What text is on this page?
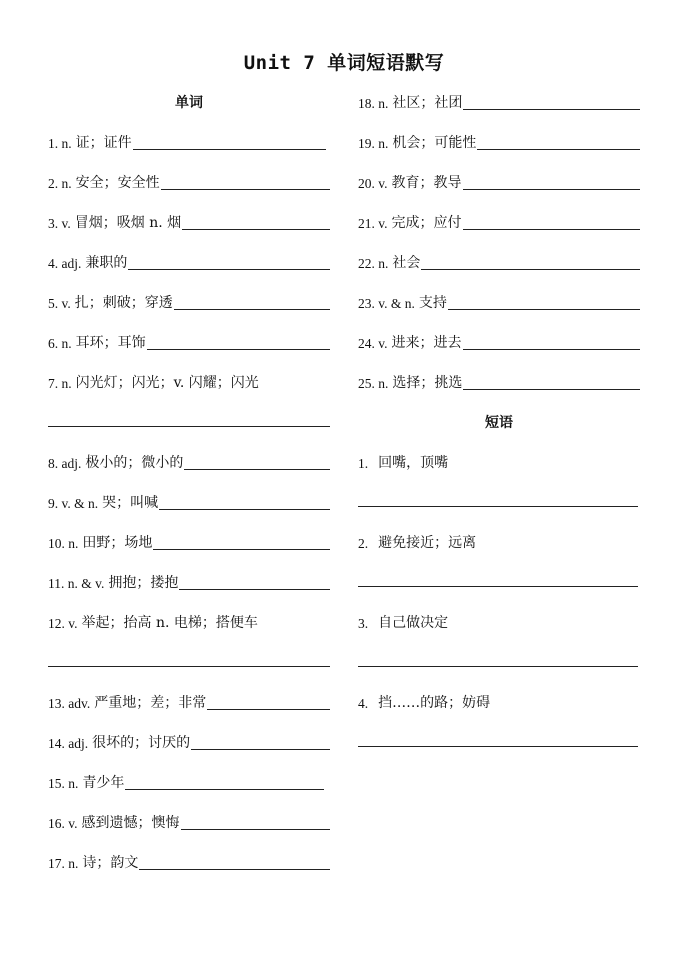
Unit 7 单词短语默写
单词
1. n. 证；证件
2. n. 安全；安全性
3. v. 冒烟；吸烟 n. 烟
4. adj. 兼职的
5. v. 扎；刺破；穿透
6. n. 耳环；耳饰
7. n. 闪光灯；闪光；v. 闪耀；闪光
8. adj. 极小的；微小的
9. v. & n. 哭；叫喊
10. n. 田野；场地
11. n. & v. 拥抱；搂抱
12. v. 举起；抬高 n. 电梯；搭便车
13. adv. 严重地；差；非常
14. adj. 很坏的；讨厌的
15. n. 青少年
16. v. 感到遗憾；懊悔
17. n. 诗；韵文
短语
18. n. 社区；社团
19. n. 机会；可能性
20. v. 教育；教导
21. v. 完成；应付
22. n. 社会
23. v. & n. 支持
24. v. 进来；进去
25. n. 选择；挑选
1. 回嘴，顶嘴
2. 避免接近；远离
3. 自己做决定
4. 挡……的路；妨碍
